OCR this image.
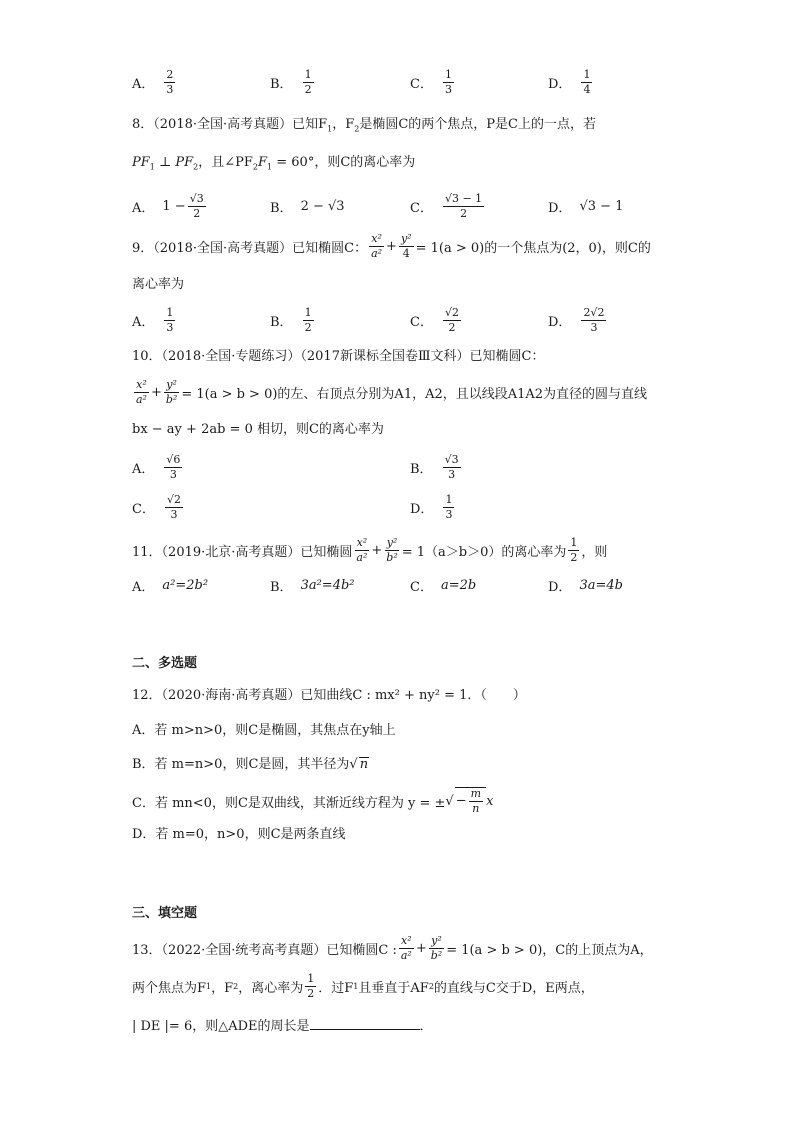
A． $\frac{2}{3}$	B． $\frac{1}{2}$	C． $\frac{1}{3}$	D． $\frac{1}{4}$
8．（2018·全国·高考真题）已知$F_1$，$F_2$是椭圆C的两个焦点，P是C上的一点，若
$PF_1$ ⊥ $PF_2$，且$\angle PF_2F_1 = 60^\circ$，则C的离心率为
A． $1 - \frac{√3}{2}$	B． 2 − √3	C． $\frac{√3 - 1}{2}$	D． √3 − 1
9．（2018·全国·高考真题）已知椭圆C： $\frac{\text{x²}}{\text{a²}} + \frac{\text{y²}}{4} = 1(a > 0)$的一个焦点为(2，0)，则C的
离心率为
A． $\frac{1}{3}$	B． $\frac{1}{2}$	C． $\frac{√2}{2}$	D． $\frac{2√2}{3}$
10．（2018·全国·专题练习）（2017新课标全国卷Ⅲ文科）已知椭圆C：
$\frac{\text{x²}}{\text{a²}} + \frac{\text{y²}}{\text{b²}} = 1(a > b > 0)$的左、右顶点分别为A1，A2，且以线段A1A2为直径的圆与直线
bx − ay + 2ab = 0 相切，则C的离心率为
A． $\frac{√6}{3}$	B． $\frac{√3}{3}$
C． $\frac{√2}{3}$	D． $\frac{1}{3}$
11．（2019·北京·高考真题）已知椭圆 $\frac{\text{x²}}{\text{a²}} + \frac{\text{y²}}{\text{b²}} = 1(a>b>0)$的离心率为 $\frac{1}{2}$ ，则
A． a²=2b²	B． 3a²=4b²	C． a=2b	D． 3a=4b
二、多选题
12．（2020·海南·高考真题）已知曲线C : mx² + ny² = 1．（　　）
A．若 m>n>0，则C是椭圆，其焦点在y轴上
B．若 m=n>0，则C是圆，其半径为√ n
C．若 mn<0，则C是双曲线，其渐近线方程为 y = ± √ − $\frac{m}{n}$ x
D．若 m=0，n>0，则C是两条直线
三、填空题
13．（2022·全国·统考高考真题）已知椭圆C : $\frac{\text{x²}}{\text{a²}} + \frac{\text{y²}}{\text{b²}} = 1(a > b > 0)$，C的上顶点为A，
两个焦点为F 1 ，F 2 ，离心率为 $\frac{1}{2}$ ．过F 1 且垂直于AF 2 的直线与C交于D，E两点，
| DE |= 6，则△ADE的周长是	．
